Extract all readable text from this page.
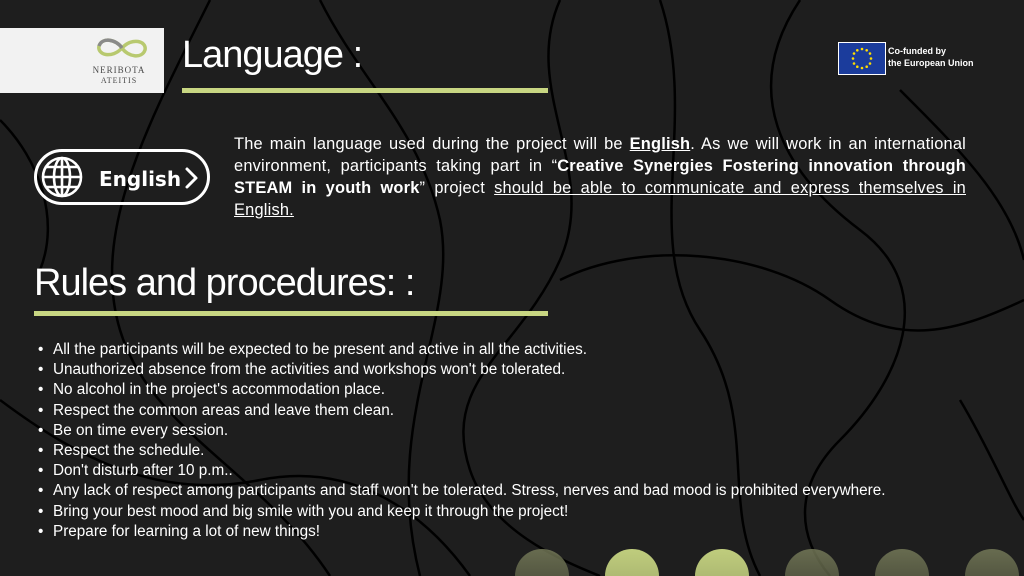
NERIBOTA
ATEITIS
Language :	Co-funded by
the European Union
English
The main language used during the project will be English. As we will work in an international environment, participants taking part in “Creative Synergies Fostering innovation through STEAM in youth work” project should be able to communicate and express themselves in English.
Rules and procedures: :
• All the participants will be expected to be present and active in all the activities.
• Unauthorized absence from the activities and workshops won't be tolerated.
• No alcohol in the project's accommodation place.
• Respect the common areas and leave them clean.
• Be on time every session.
• Respect the schedule.
• Don't disturb after 10 p.m..
• Any lack of respect among participants and staff won't be tolerated. Stress, nerves and bad mood is prohibited everywhere.
• Bring your best mood and big smile with you and keep it through the project!
• Prepare for learning a lot of new things!
